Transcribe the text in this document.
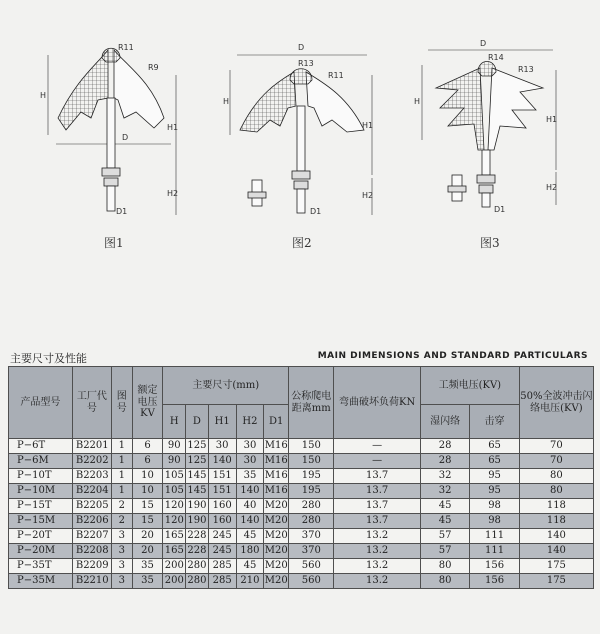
R11
R9
H
H1
H2
D
D1
图1
D
R13
R11
H
H1
H2
D1
图2
D
R14
R13
H
H1
H2
D1
图3
主要尺寸及性能	MAIN DIMENSIONS AND STANDARD PARTICULARS
产品型号	工厂代号	图号	额定电压KV	主要尺寸(mm)					公称爬电距离mm	弯曲破坏负荷KN	工频电压(KV)		50%全波冲击闪络电压(KV)
				H	D	H1	H2	D1			湿闪络	击穿	
P−6T	B2201	1	6	90	125	30	30	M16	150	—	28	65	70
P−6M	B2202	1	6	90	125	140	30	M16	150	—	28	65	70
P−10T	B2203	1	10	105	145	151	35	M16	195	13.7	32	95	80
P−10M	B2204	1	10	105	145	151	140	M16	195	13.7	32	95	80
P−15T	B2205	2	15	120	190	160	40	M20	280	13.7	45	98	118
P−15M	B2206	2	15	120	190	160	140	M20	280	13.7	45	98	118
P−20T	B2207	3	20	165	228	245	45	M20	370	13.2	57	111	140
P−20M	B2208	3	20	165	228	245	180	M20	370	13.2	57	111	140
P−35T	B2209	3	35	200	280	285	45	M20	560	13.2	80	156	175
P−35M	B2210	3	35	200	280	285	210	M20	560	13.2	80	156	175
